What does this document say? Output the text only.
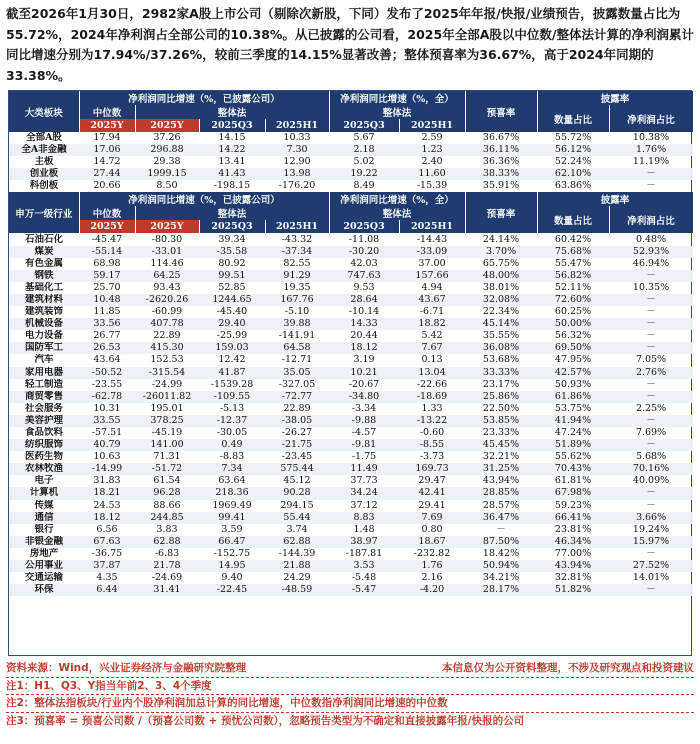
截至2026年1月30日，2982家A股上市公司（剔除次新股，下同）发布了2025年年报/快报/业绩预告，披露数量占比为55.72%，2024年净利润占全部公司的10.38%。从已披露的公司看，2025年全部A股以中位数/整体法计算的净利润累计同比增速分别为17.94%/37.26%，较前三季度的14.15%显著改善；整体预喜率为36.67%，高于2024年同期的33.38%。
大类板块	净利润同比增速（%，已披露公司）				净利润同比增速（%，全）		预喜率	披露率	
	中位数	整体法			整体法			数量占比	净利润占比
	2025Y	2025Y	2025Q3	2025H1	2025Q3	2025H1			
全部A股	17.94	37.26	14.15	10.33	5.67	2.59	36.67%	55.72%	10.38%
全A非金融	17.06	296.88	14.22	7.30	2.18	1.23	36.11%	56.12%	1.76%
主板	14.72	29.38	13.41	12.90	5.02	2.40	36.36%	52.24%	11.19%
创业板	27.44	1999.15	41.43	13.98	19.22	11.60	38.33%	62.10%	－
科创板	20.66	8.50	-198.15	-176.20	8.49	-15.39	35.91%	63.86%	－
申万一级行业	净利润同比增速（%，已披露公司）				净利润同比增速（%，全）		预喜率	披露率	
	中位数	整体法			整体法			数量占比	净利润占比
	2025Y	2025Y	2025Q3	2025H1	2025Q3	2025H1			
石油石化	-45.47	-80.30	39.34	-43.32	-11.08	-14.43	24.14%	60.42%	0.48%
煤炭	-55.14	-33.01	-35.58	-37.34	-30.20	-33.09	3.70%	75.68%	52.93%
有色金属	68.98	114.46	80.92	82.55	42.03	37.00	65.75%	55.47%	46.94%
钢铁	59.17	64.25	99.51	91.29	747.63	157.66	48.00%	56.82%	－
基础化工	25.70	93.43	52.85	19.35	9.53	4.94	38.01%	52.11%	10.35%
建筑材料	10.48	-2620.26	1244.65	167.76	28.64	43.67	32.08%	72.60%	－
建筑装饰	11.85	-60.99	-45.40	-5.10	-10.14	-6.71	22.34%	60.25%	－
机械设备	33.56	407.78	29.40	39.88	14.33	18.82	45.14%	50.00%	－
电力设备	26.77	22.89	-25.99	-141.91	20.44	5.42	35.55%	56.32%	－
国防军工	26.53	415.30	159.03	64.58	18.12	7.67	36.08%	69.50%	－
汽车	43.64	152.53	12.42	-12.71	3.19	0.13	53.68%	47.95%	7.05%
家用电器	-50.52	-315.54	41.87	35.05	10.21	13.04	33.33%	42.57%	2.76%
轻工制造	-23.55	-24.99	-1539.28	-327.05	-20.67	-22.66	23.17%	50.93%	－
商贸零售	-62.78	-26011.82	-109.55	-72.77	-34.80	-18.69	25.86%	61.86%	－
社会服务	10.31	195.01	-5.13	22.89	-3.34	1.33	22.50%	53.75%	2.25%
美容护理	33.55	378.25	-12.37	-38.05	-9.88	-13.22	53.85%	41.94%	－
食品饮料	-57.51	-45.19	-30.05	-26.27	-4.57	-0.60	23.33%	47.24%	7.69%
纺织服饰	40.79	141.00	0.49	-21.75	-9.81	-8.55	45.45%	51.89%	－
医药生物	10.63	71.31	-8.83	-23.45	-1.75	-3.73	32.21%	55.62%	5.68%
农林牧渔	-14.99	-51.72	7.34	575.44	11.49	169.73	31.25%	70.43%	70.16%
电子	31.83	61.54	63.64	45.12	37.73	29.47	43.94%	61.81%	40.09%
计算机	18.21	96.28	218.36	90.28	34.24	42.41	28.85%	67.98%	－
传媒	24.53	88.66	1969.49	294.15	37.12	29.41	28.57%	59.23%	－
通信	18.12	244.85	99.41	55.44	8.83	7.69	36.47%	66.41%	3.66%
银行	6.56	3.83	3.59	3.74	1.48	0.80	－	23.81%	19.24%
非银金融	67.63	62.88	66.47	62.88	38.97	18.67	87.50%	46.34%	15.97%
房地产	-36.75	-6.83	-152.75	-144.39	-187.81	-232.82	18.42%	77.00%	－
公用事业	37.87	21.78	14.95	21.88	3.53	1.76	50.94%	43.94%	27.52%
交通运输	4.35	-24.69	9.40	24.29	-5.48	2.16	34.21%	32.81%	14.01%
环保	6.44	31.41	-22.45	-48.59	-5.47	-4.20	28.17%	51.82%	－
资料来源：Wind，兴业证券经济与金融研究院整理	本信息仅为公开资料整理，不涉及研究观点和投资建议
注1：H1、Q3、Y指当年前2、3、4个季度
注2：整体法指板块/行业内个股净利润加总计算的同比增速，中位数指净利润同比增速的中位数
注3：预喜率 = 预喜公司数 /（预喜公司数 + 预忧公司数），忽略预告类型为不确定和直接披露年报/快报的公司
